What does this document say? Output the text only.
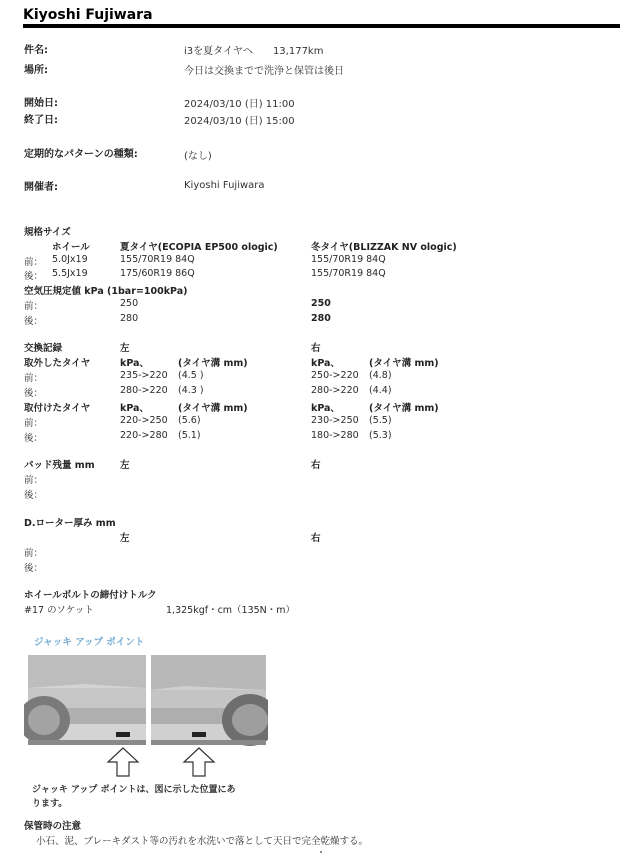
Kiyoshi Fujiwara
件名:	i3を夏タイヤへ　　13,177km
場所:	今日は交換までで洗浄と保管は後日
開始日:	2024/03/10 (日) 11:00
終了日:	2024/03/10 (日) 15:00
定期的なパターンの種類:	(なし)
開催者:	Kiyoshi Fujiwara
規格サイズ
ホイール	夏タイヤ(ECOPIA EP500 ologic)	冬タイヤ(BLIZZAK NV ologic)
前： 5.0Jx19	155/70R19 84Q	155/70R19 84Q
後： 5.5Jx19	175/60R19 86Q	155/70R19 84Q
空気圧規定値 kPa (1bar=100kPa)
前：	250	250
後：	280	280
交換記録	左	右
取外したタイヤ	kPa、	(タイヤ溝 mm)	kPa、	(タイヤ溝 mm)
前：	235->220 (4.5 )	250->220 (4.8)
後：	280->220 (4.3 )	280->220 (4.4)
取付けたタイヤ	kPa、	(タイヤ溝 mm)	kPa、	(タイヤ溝 mm)
前：	220->250 (5.6)	230->250 (5.5)
後：	220->280 (5.1)	180->280 (5.3)
パッド残量 mm	左	右
前：
後：
D.ローター厚み mm
左	右
前：
後：
ホイールボルトの締付けトルク
#17 のソケット	1,325kgf・cm（135N・m）
ジャッキ アップ ポイント
ジャッキ アップ ポイントは、図に示した位置にあ
ります。
保管時の注意
小石、泥、ブレーキダスト等の汚れを水洗いで落として天日で完全乾燥する。
